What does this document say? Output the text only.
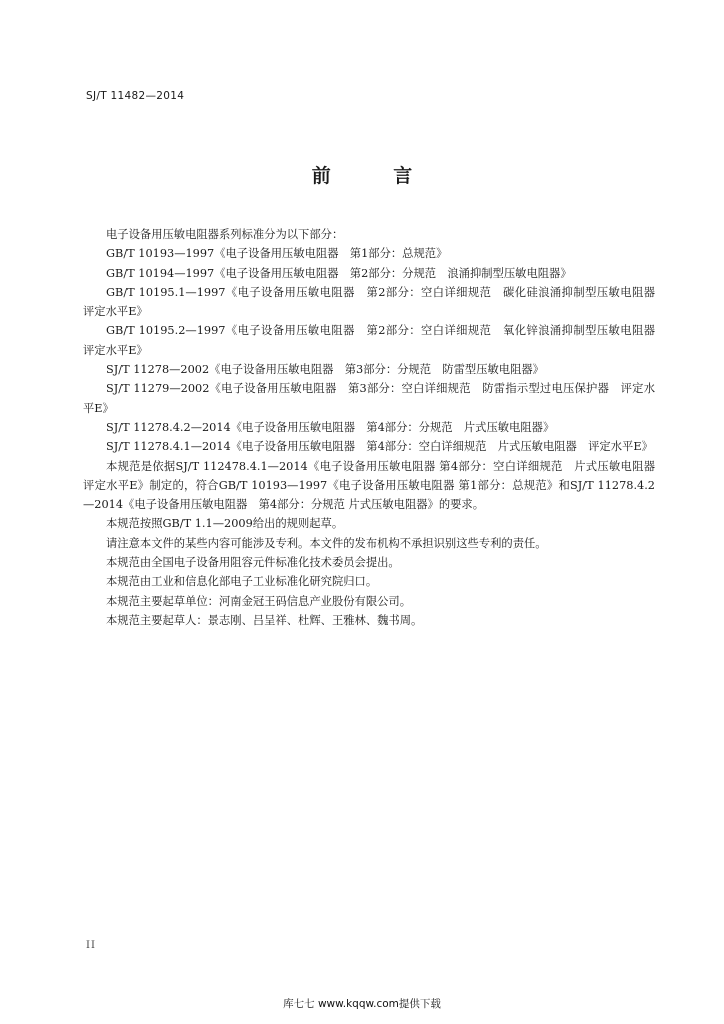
SJ/T 11482—2014
前 言

电子设备用压敏电阻器系列标准分为以下部分：

GB/T 10193—1997《电子设备用压敏电阻器　第1部分：总规范》

GB/T 10194—1997《电子设备用压敏电阻器　第2部分：分规范　浪涌抑制型压敏电阻器》

GB/T 10195.1—1997《电子设备用压敏电阻器　第2部分：空白详细规范　碳化硅浪涌抑制型压敏电阻器　评定水平E》

GB/T 10195.2—1997《电子设备用压敏电阻器　第2部分：空白详细规范　氧化锌浪涌抑制型压敏电阻器　评定水平E》

SJ/T 11278—2002《电子设备用压敏电阻器　第3部分：分规范　防雷型压敏电阻器》

SJ/T 11279—2002《电子设备用压敏电阻器　第3部分：空白详细规范　防雷指示型过电压保护器　评定水平E》

SJ/T 11278.4.2—2014《电子设备用压敏电阻器　第4部分：分规范　片式压敏电阻器》

SJ/T 11278.4.1—2014《电子设备用压敏电阻器　第4部分：空白详细规范　片式压敏电阻器　评定水平E》

本规范是依据SJ/T 112478.4.1—2014《电子设备用压敏电阻器 第4部分：空白详细规范　片式压敏电阻器 评定水平E》制定的，符合GB/T 10193—1997《电子设备用压敏电阻器 第1部分：总规范》和SJ/T 11278.4.2—2014《电子设备用压敏电阻器　第4部分：分规范 片式压敏电阻器》的要求。

本规范按照GB/T 1.1—2009给出的规则起草。

请注意本文件的某些内容可能涉及专利。本文件的发布机构不承担识别这些专利的责任。

本规范由全国电子设备用阻容元件标准化技术委员会提出。

本规范由工业和信息化部电子工业标准化研究院归口。

本规范主要起草单位：河南金冠王码信息产业股份有限公司。

本规范主要起草人：景志刚、吕呈祥、杜辉、王雅林、魏书周。

II
库七七 www.kqqw.com提供下载
